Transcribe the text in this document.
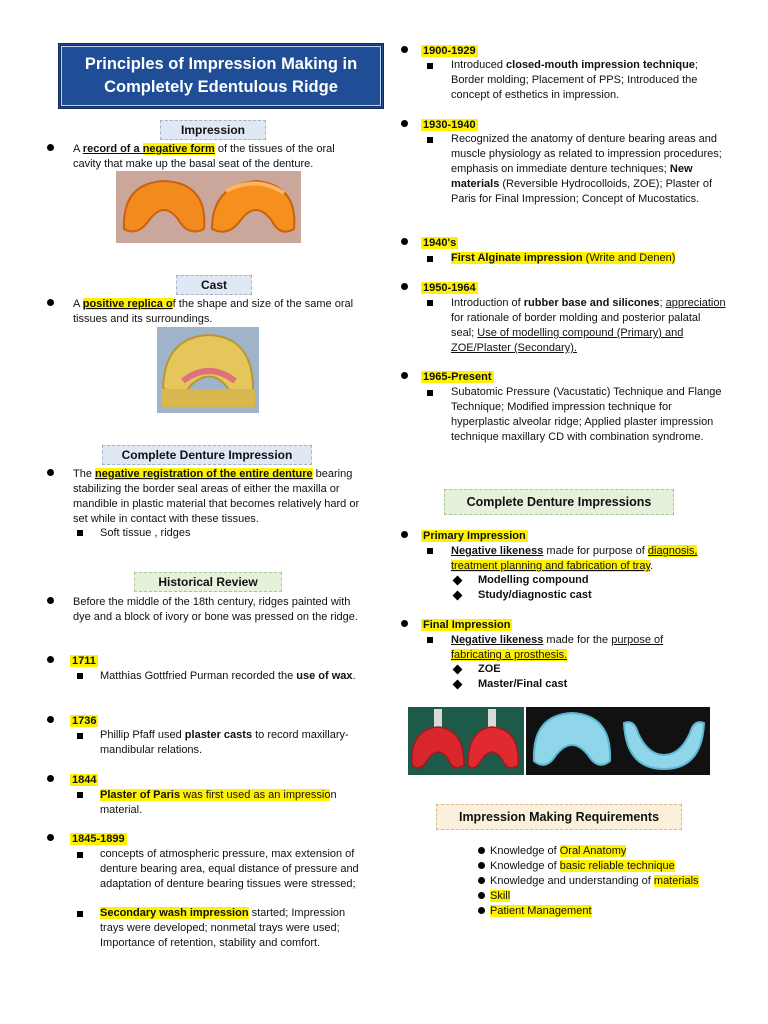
Principles of Impression Making in Completely Edentulous Ridge
Impression
A record of a negative form of the tissues of the oral cavity that make up the basal seat of the denture.
Cast
A positive replica of the shape and size of the same oral tissues and its surroundings.
Complete Denture Impression
The negative registration of the entire denture bearing stabilizing the border seal areas of either the maxilla or mandible in plastic material that becomes relatively hard or set while in contact with these tissues.
Soft tissue , ridges
Historical Review
Before the middle of the 18th century, ridges painted with dye and a block of ivory or bone was pressed on the ridge.
1711
Matthias Gottfried Purman recorded the use of wax.
1736
Phillip Pfaff used plaster casts to record maxillary-mandibular relations.
1844
Plaster of Paris was first used as an impression material.
1845-1899
concepts of atmospheric pressure, max extension of denture bearing area, equal distance of pressure and adaptation of denture bearing tissues were stressed;
Secondary wash impression started; Impression trays were developed; nonmetal trays were used; Importance of retention, stability and comfort.
1900-1929
Introduced closed-mouth impression technique; Border molding; Placement of PPS; Introduced the concept of esthetics in impression.
1930-1940
Recognized the anatomy of denture bearing areas and muscle physiology as related to impression procedures; emphasis on immediate denture techniques; New materials (Reversible Hydrocolloids, ZOE); Plaster of Paris for Final Impression; Concept of Mucostatics.
1940's
First Alginate impression (Write and Denen)
1950-1964
Introduction of rubber base and silicones; appreciation for rationale of border molding and posterior palatal seal; Use of modelling compound (Primary) and ZOE/Plaster (Secondary).
1965-Present
Subatomic Pressure (Vacustatic) Technique and Flange Technique; Modified impression technique for hyperplastic alveolar ridge; Applied plaster impression technique maxillary CD with combination syndrome.
Complete Denture Impressions
Primary Impression
Negative likeness made for purpose of diagnosis, treatment planning and fabrication of tray.
Modelling compound
Study/diagnostic cast
Final Impression
Negative likeness made for the purpose of fabricating a prosthesis.
ZOE
Master/Final cast
Impression Making Requirements
Knowledge of Oral Anatomy
Knowledge of basic reliable technique
Knowledge and understanding of materials
Skill
Patient Management
